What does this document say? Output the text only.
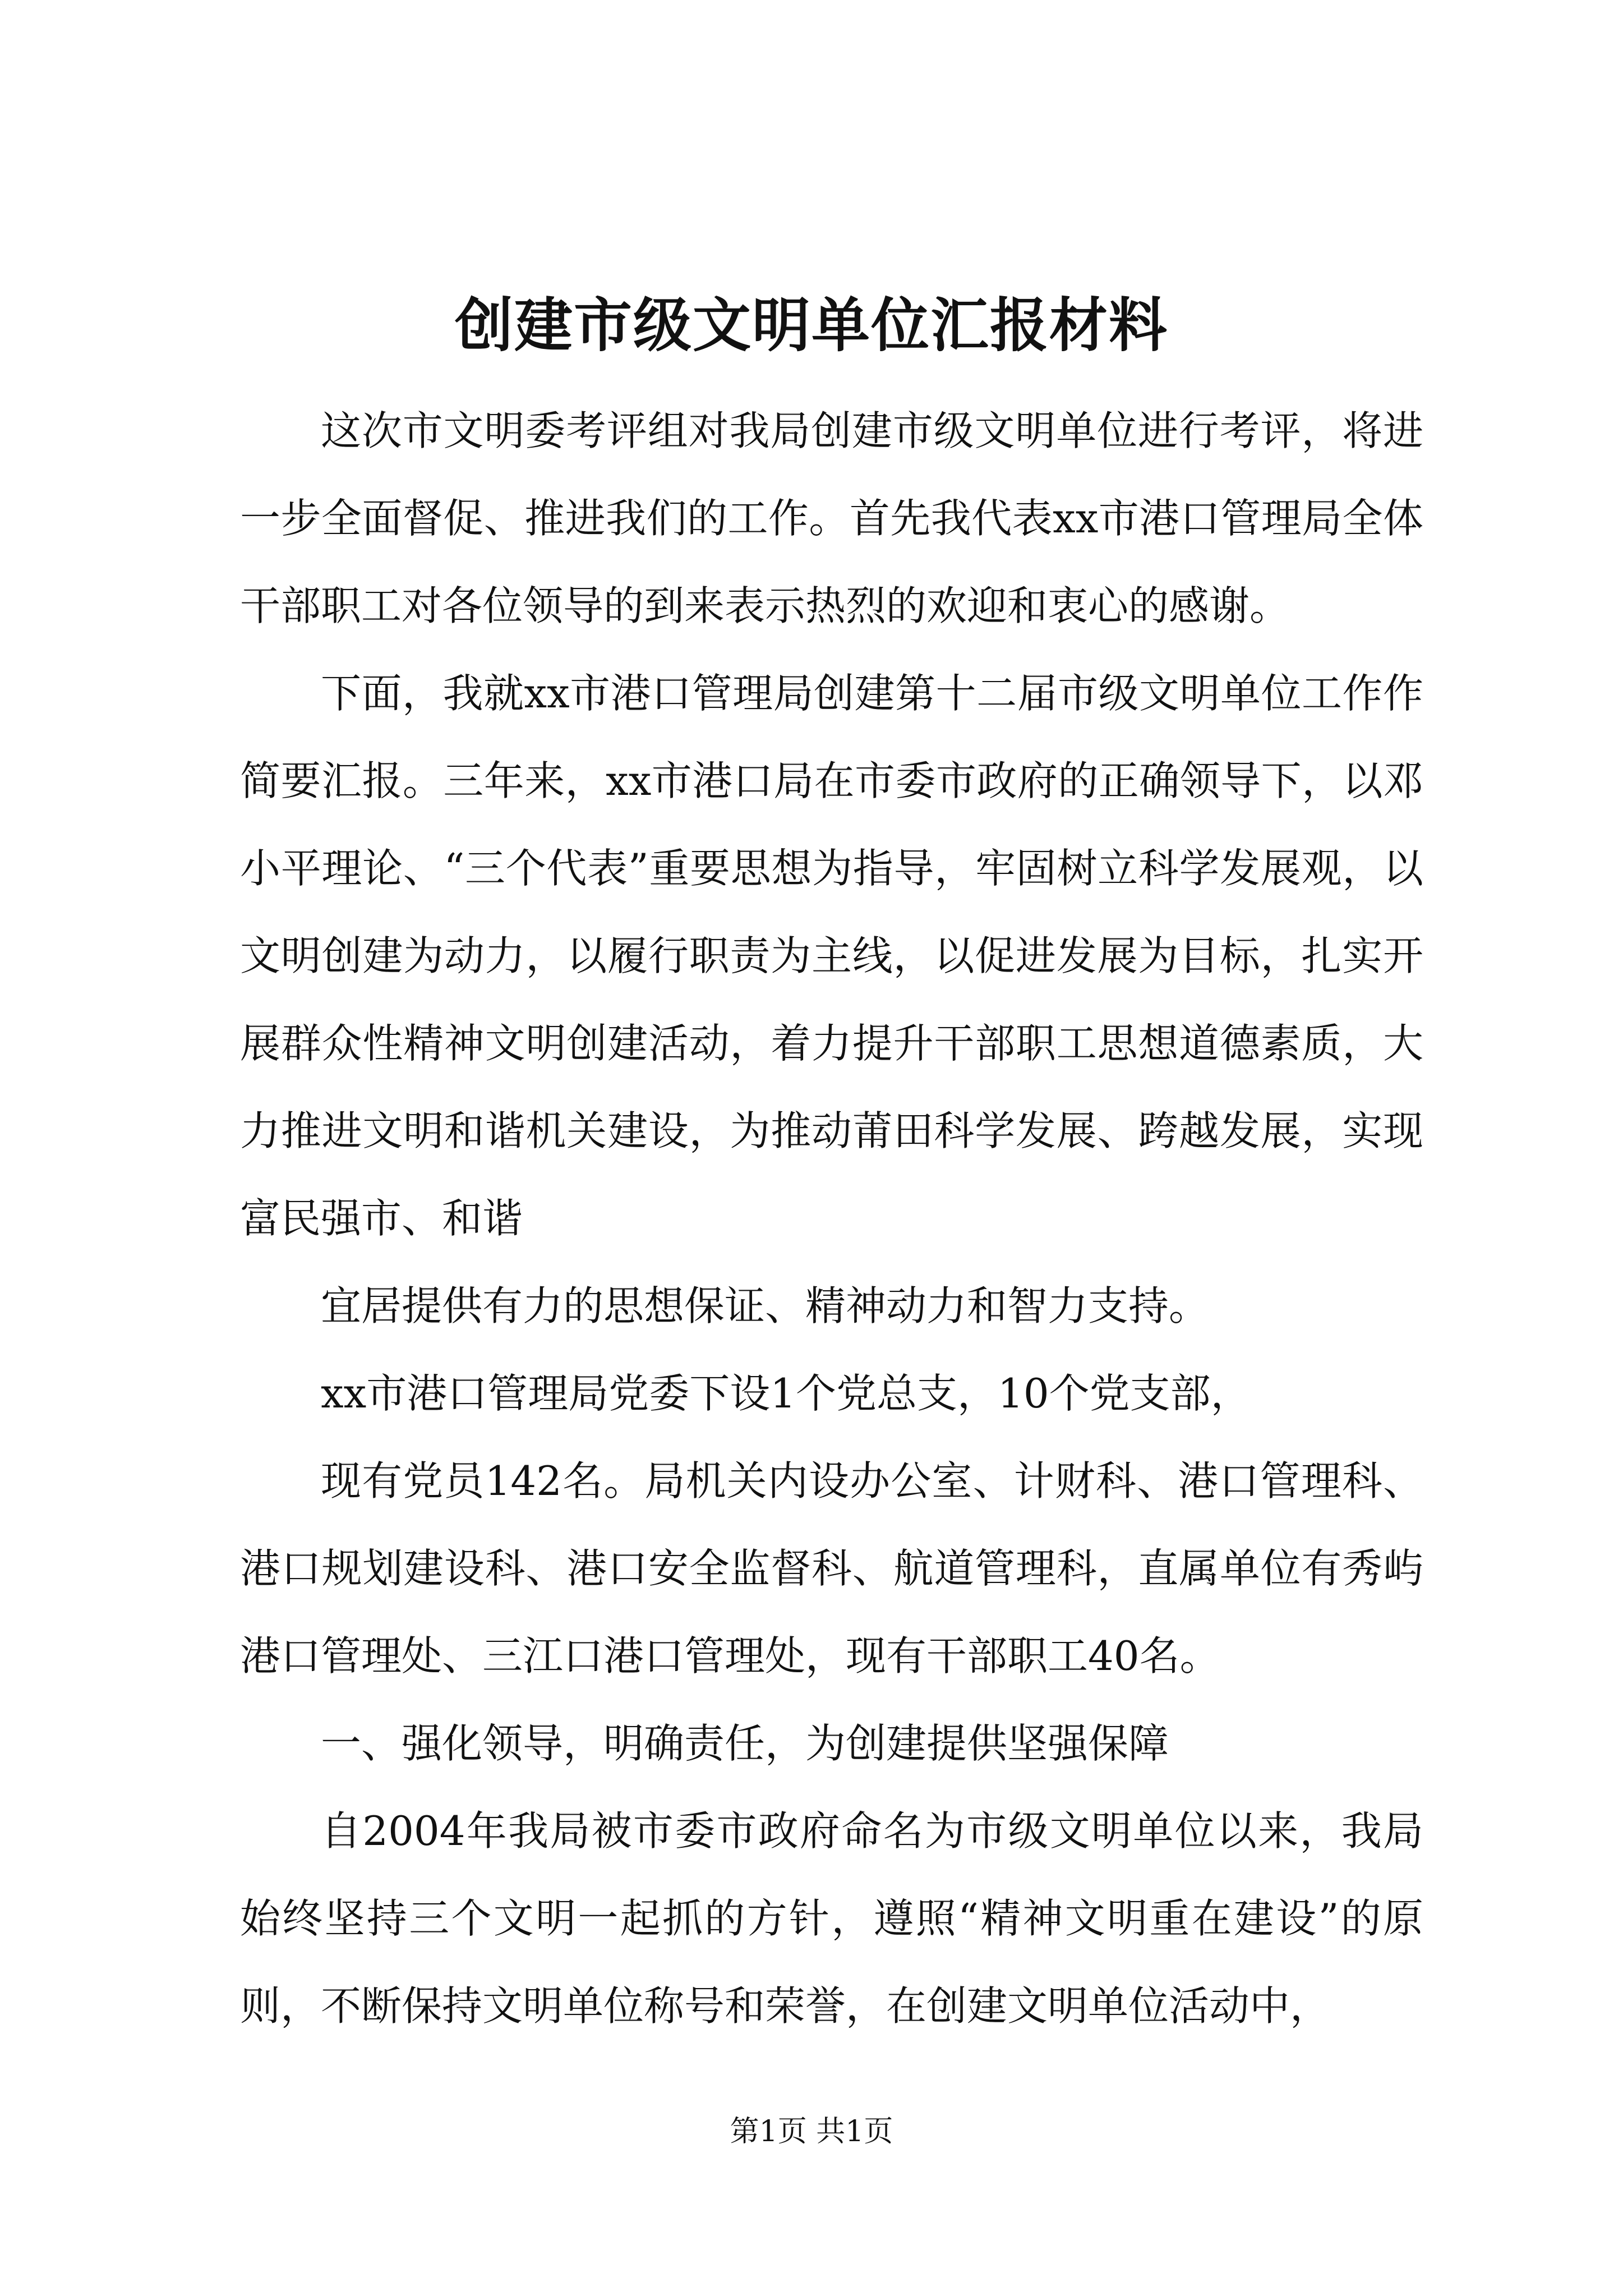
创建市级文明单位汇报材料

这次市文明委考评组对我局创建市级文明单位进行考评，将进一步全面督促、推进我们的工作。首先我代表xx市港口管理局全体干部职工对各位领导的到来表示热烈的欢迎和衷心的感谢。

下面，我就xx市港口管理局创建第十二届市级文明单位工作作简要汇报。三年来，xx市港口局在市委市政府的正确领导下，以邓小平理论、“三个代表”重要思想为指导，牢固树立科学发展观，以文明创建为动力，以履行职责为主线，以促进发展为目标，扎实开展群众性精神文明创建活动，着力提升干部职工思想道德素质，大力推进文明和谐机关建设，为推动莆田科学发展、跨越发展，实现富民强市、和谐

宜居提供有力的思想保证、精神动力和智力支持。

xx市港口管理局党委下设1个党总支，10个党支部，

现有党员142名。局机关内设办公室、计财科、港口管理科、港口规划建设科、港口安全监督科、航道管理科，直属单位有秀屿港口管理处、三江口港口管理处，现有干部职工40名。

一、强化领导，明确责任，为创建提供坚强保障

自2004年我局被市委市政府命名为市级文明单位以来，我局始终坚持三个文明一起抓的方针，遵照“精神文明重在建设”的原则，不断保持文明单位称号和荣誉，在创建文明单位活动中，

第1页 共1页
